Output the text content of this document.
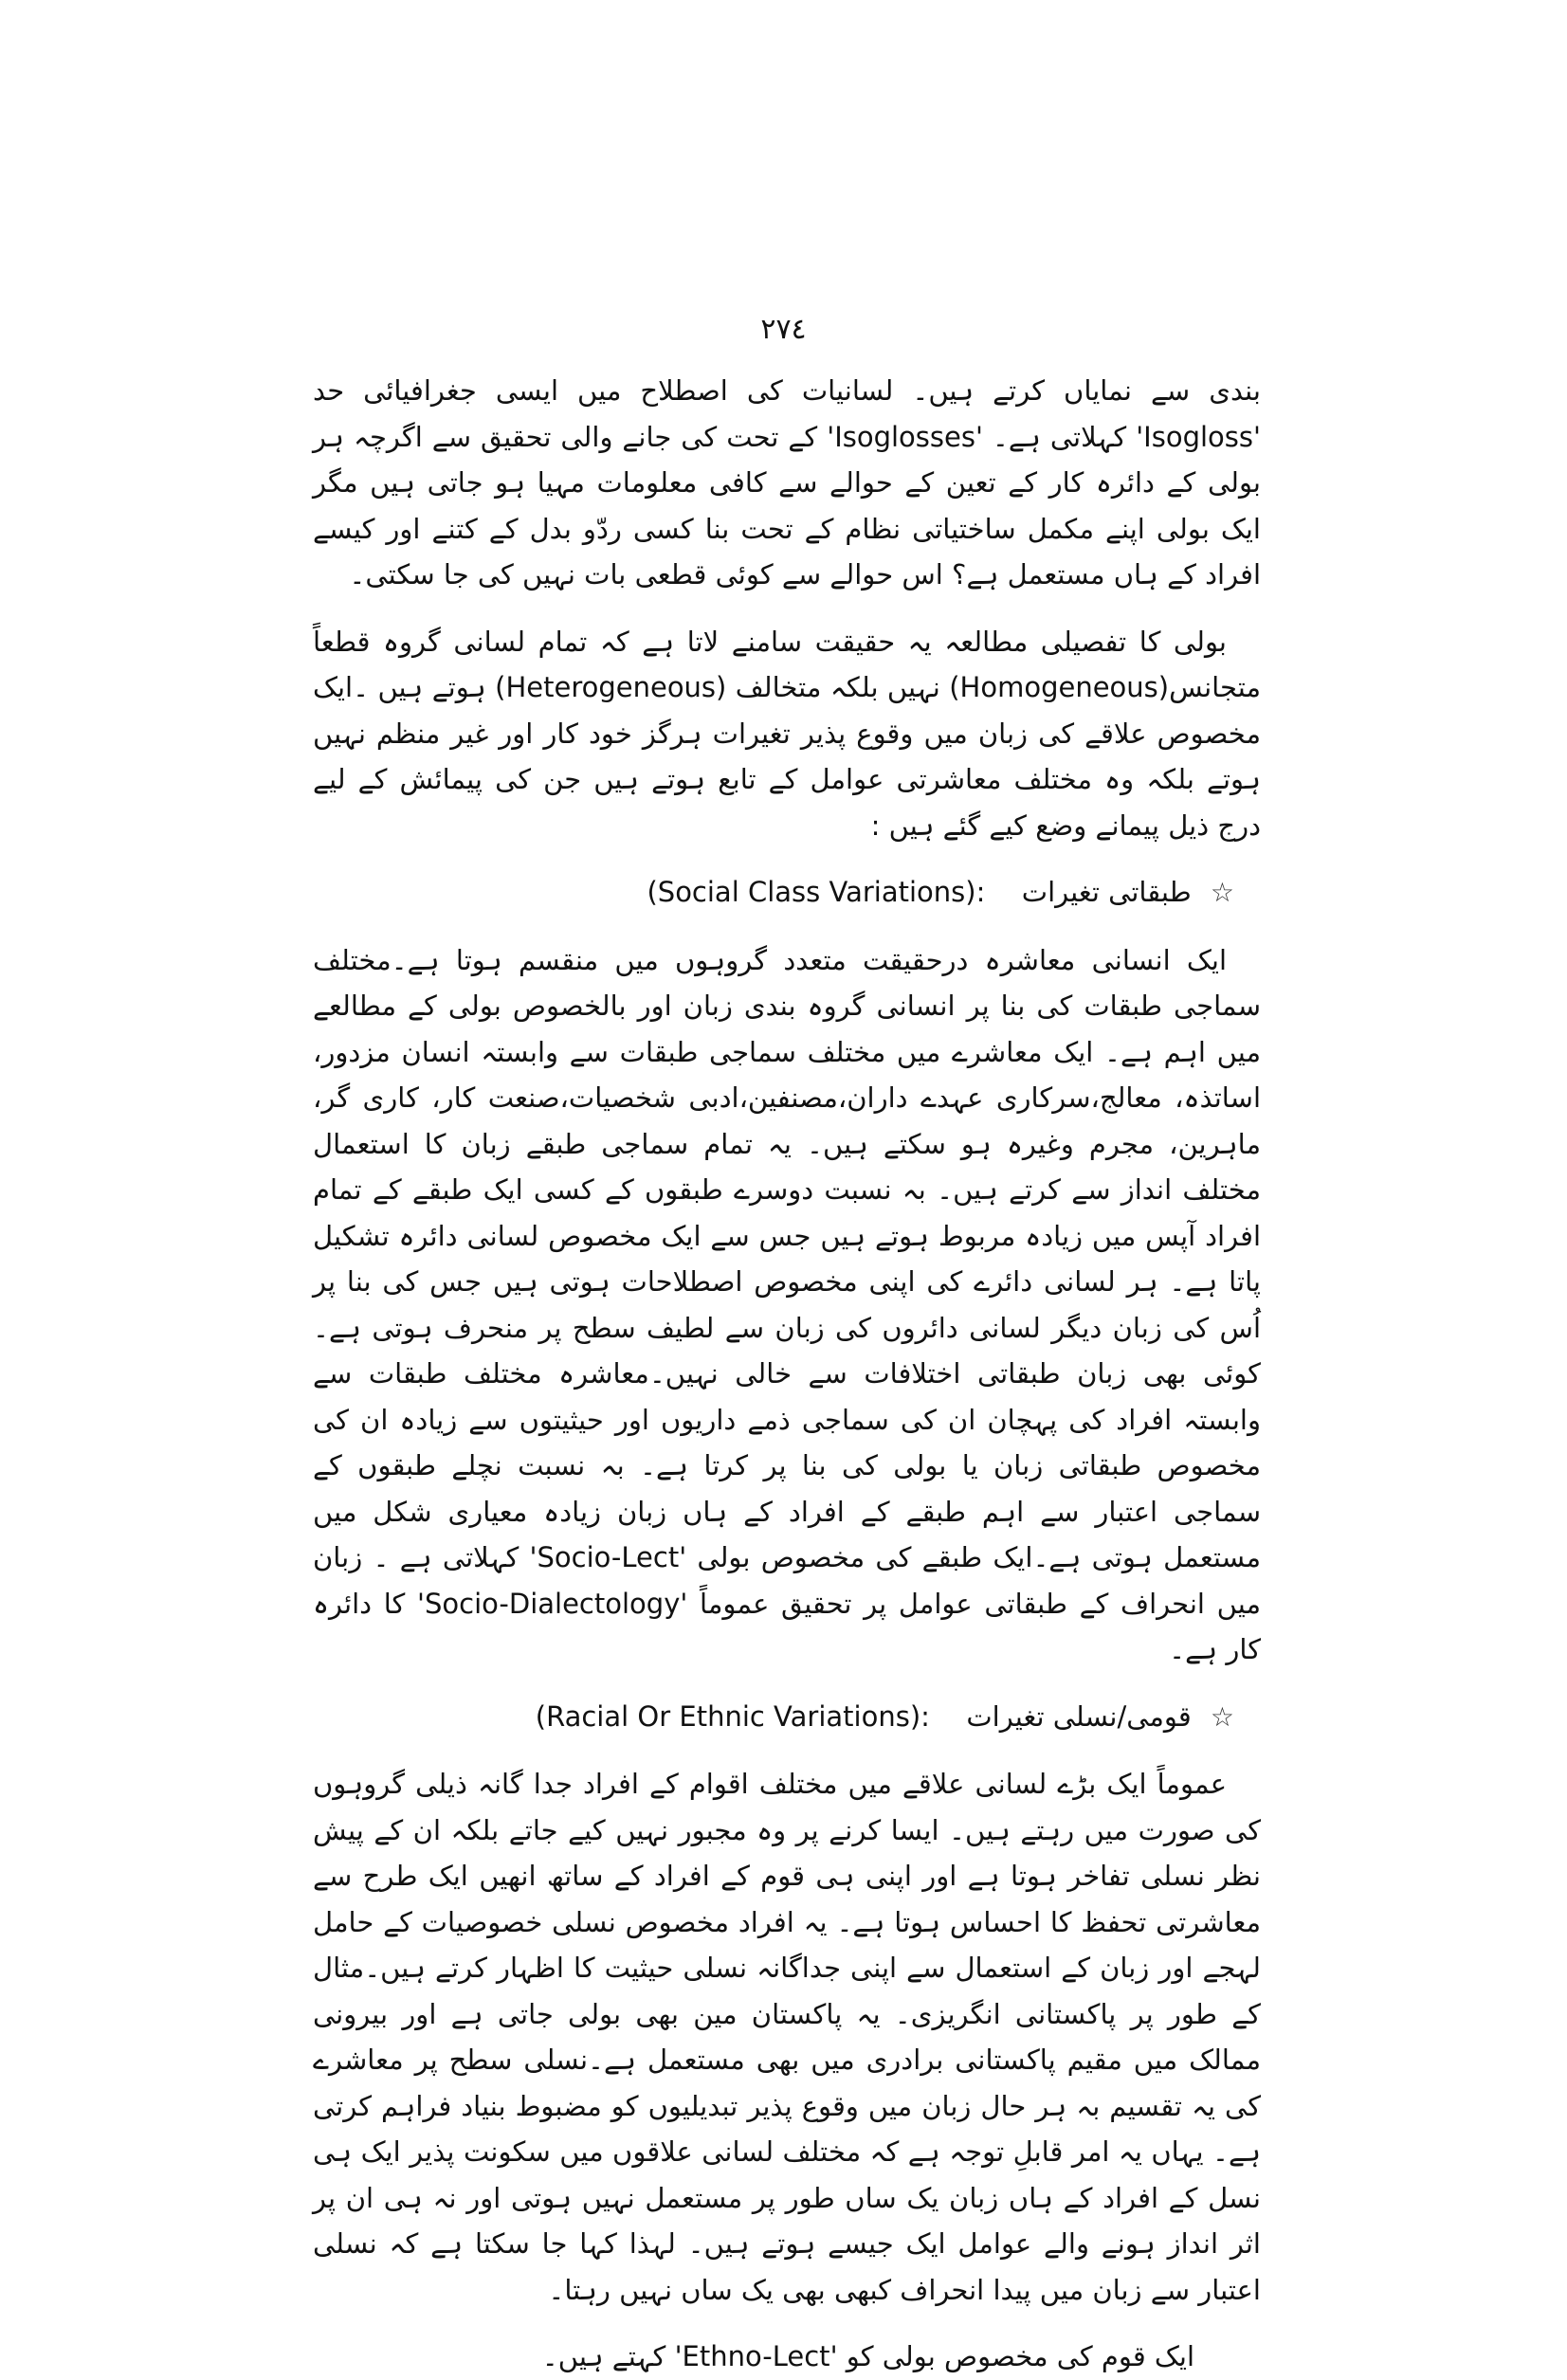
٢٧٤

بندی سے نمایاں کرتے ہیں۔ لسانیات کی اصطلاح میں ایسی جغرافیائی حد 'Isogloss' کہلاتی ہے۔ 'Isoglosses' کے تحت کی جانے والی تحقیق سے اگرچہ ہر بولی کے دائرہ کار کے تعین کے حوالے سے کافی معلومات مہیا ہو جاتی ہیں مگر ایک بولی اپنے مکمل ساختیاتی نظام کے تحت بنا کسی ردّو بدل کے کتنے اور کیسے افراد کے ہاں مستعمل ہے؟ اس حوالے سے کوئی قطعی بات نہیں کی جا سکتی۔

بولی کا تفصیلی مطالعہ یہ حقیقت سامنے لاتا ہے کہ تمام لسانی گروہ قطعاً متجانس(Homogeneous) نہیں بلکہ متخالف (Heterogeneous) ہوتے ہیں ۔ایک مخصوص علاقے کی زبان میں وقوع پذیر تغیرات ہرگز خود کار اور غیر منظم نہیں ہوتے بلکہ وہ مختلف معاشرتی عوامل کے تابع ہوتے ہیں جن کی پیمائش کے لیے درج ذیل پیمانے وضع کیے گئے ہیں :

☆ طبقاتی تغیرات  (Social Class Variations):

ایک انسانی معاشرہ درحقیقت متعدد گروہوں میں منقسم ہوتا ہے۔مختلف سماجی طبقات کی بنا پر انسانی گروہ بندی زبان اور بالخصوص بولی کے مطالعے میں اہم ہے۔ ایک معاشرے میں مختلف سماجی طبقات سے وابستہ انسان مزدور، اساتذہ، معالج،سرکاری عہدے داران،مصنفین،ادبی شخصیات،صنعت کار، کاری گر، ماہرین، مجرم وغیرہ ہو سکتے ہیں۔ یہ تمام سماجی طبقے زبان کا استعمال مختلف انداز سے کرتے ہیں۔ بہ نسبت دوسرے طبقوں کے کسی ایک طبقے کے تمام افراد آپس میں زیادہ مربوط ہوتے ہیں جس سے ایک مخصوص لسانی دائرہ تشکیل پاتا ہے۔ ہر لسانی دائرے کی اپنی مخصوص اصطلاحات ہوتی ہیں جس کی بنا پر اُس کی زبان دیگر لسانی دائروں کی زبان سے لطیف سطح پر منحرف ہوتی ہے۔کوئی بھی زبان طبقاتی اختلافات سے خالی نہیں۔معاشرہ مختلف طبقات سے وابستہ افراد کی پہچان ان کی سماجی ذمے داریوں اور حیثیتوں سے زیادہ ان کی مخصوص طبقاتی زبان یا بولی کی بنا پر کرتا ہے۔ بہ نسبت نچلے طبقوں کے سماجی اعتبار سے اہم طبقے کے افراد کے ہاں زبان زیادہ معیاری شکل میں مستعمل ہوتی ہے۔ایک طبقے کی مخصوص بولی 'Socio-Lect' کہلاتی ہے ۔ زبان میں انحراف کے طبقاتی عوامل پر تحقیق عموماً 'Socio-Dialectology' کا دائرہ کار ہے۔

☆ قومی/نسلی تغیرات  (Racial Or Ethnic Variations):

عموماً ایک بڑے لسانی علاقے میں مختلف اقوام کے افراد جدا گانہ ذیلی گروہوں کی صورت میں رہتے ہیں۔ ایسا کرنے پر وہ مجبور نہیں کیے جاتے بلکہ ان کے پیش نظر نسلی تفاخر ہوتا ہے اور اپنی ہی قوم کے افراد کے ساتھ انھیں ایک طرح سے معاشرتی تحفظ کا احساس ہوتا ہے۔ یہ افراد مخصوص نسلی خصوصیات کے حامل لہجے اور زبان کے استعمال سے اپنی جداگانہ نسلی حیثیت کا اظہار کرتے ہیں۔مثال کے طور پر پاکستانی انگریزی۔ یہ پاکستان مین بھی بولی جاتی ہے اور بیرونی ممالک میں مقیم پاکستانی برادری میں بھی مستعمل ہے۔نسلی سطح پر معاشرے کی یہ تقسیم بہ ہر حال زبان میں وقوع پذیر تبدیلیوں کو مضبوط بنیاد فراہم کرتی ہے۔ یہاں یہ امر قابلِ توجہ ہے کہ مختلف لسانی علاقوں میں سکونت پذیر ایک ہی نسل کے افراد کے ہاں زبان یک ساں طور پر مستعمل نہیں ہوتی اور نہ ہی ان پر اثر انداز ہونے والے عوامل ایک جیسے ہوتے ہیں۔ لہذا کہا جا سکتا ہے کہ نسلی اعتبار سے زبان میں پیدا انحراف کبھی بھی یک ساں نہیں رہتا۔

ایک قوم کی مخصوص بولی کو 'Ethno-Lect' کہتے ہیں۔
